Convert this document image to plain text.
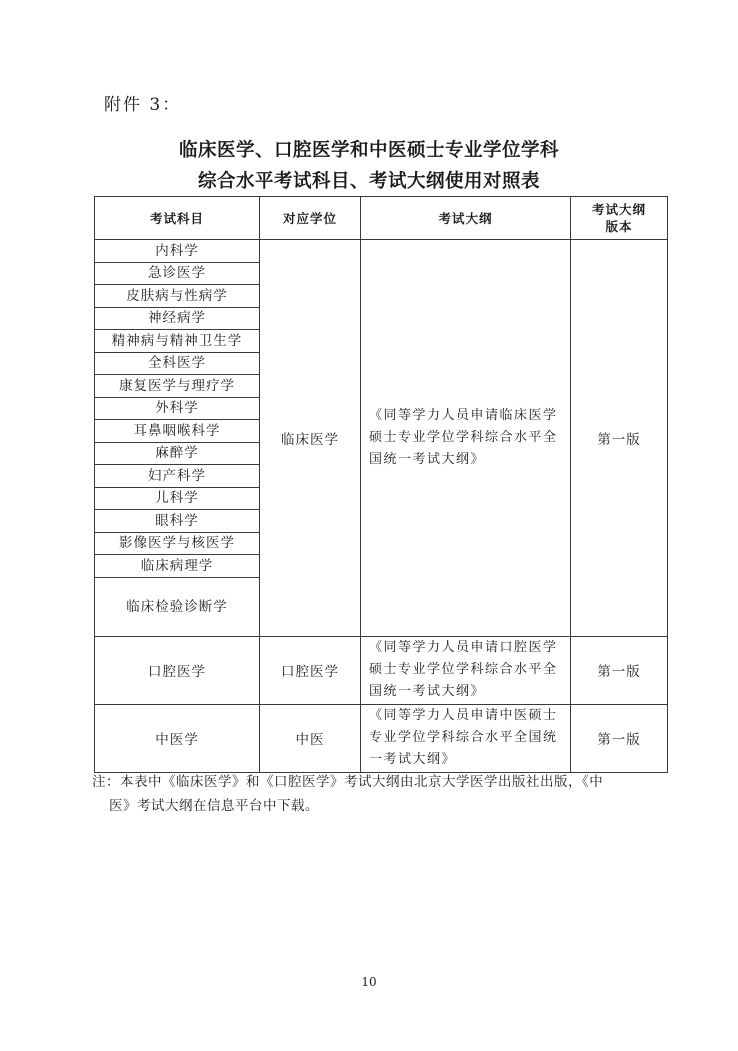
附件 3：
临床医学、口腔医学和中医硕士专业学位学科
综合水平考试科目、考试大纲使用对照表
考试科目	对应学位	考试大纲	考试大纲
版本
内科学	临床医学	《同等学力人员申请临床医学硕士专业学位学科综合水平全国统一考试大纲》	第一版
急诊医学			
皮肤病与性病学			
神经病学			
精神病与精神卫生学			
全科医学			
康复医学与理疗学			
外科学			
耳鼻咽喉科学			
麻醉学			
妇产科学			
儿科学			
眼科学			
影像医学与核医学			
临床病理学			
临床检验诊断学			
口腔医学	口腔医学	《同等学力人员申请口腔医学硕士专业学位学科综合水平全国统一考试大纲》	第一版
中医学	中医	《同等学力人员申请中医硕士专业学位学科综合水平全国统一考试大纲》	第一版
注：本表中《临床医学》和《口腔医学》考试大纲由北京大学医学出版社出版，《中
医》考试大纲在信息平台中下载。
10
